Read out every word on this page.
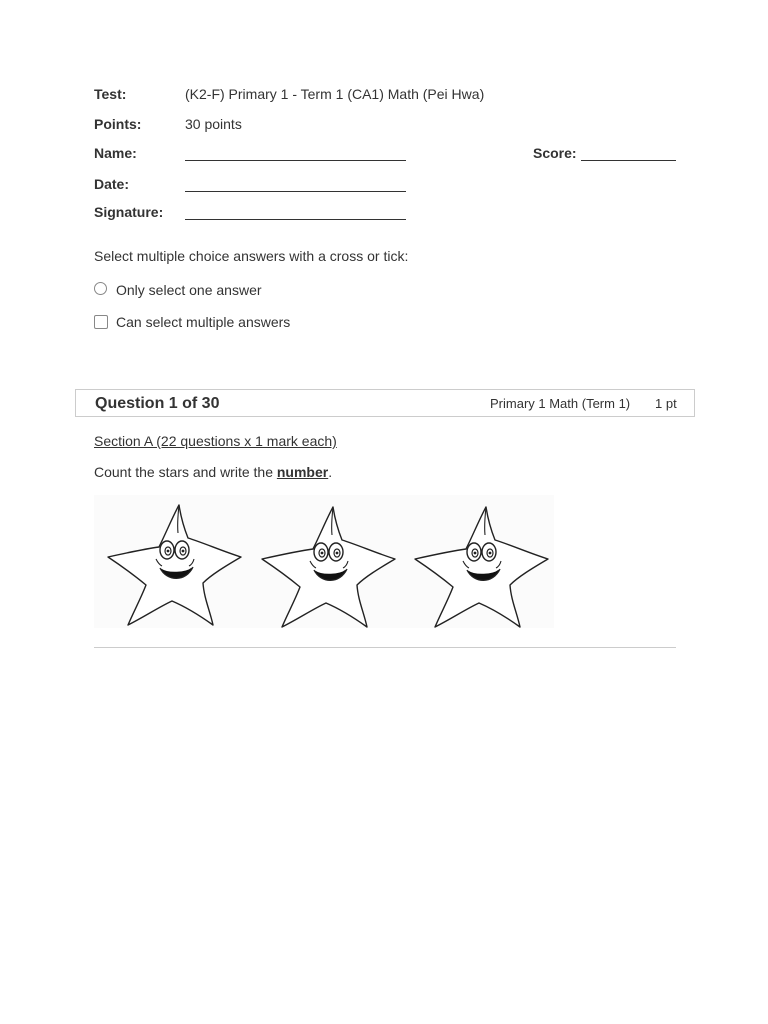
Test:	(K2-F) Primary 1 - Term 1 (CA1) Math (Pei Hwa)
Points:	30 points
Name:	Score:
Date:
Signature:
Select multiple choice answers with a cross or tick:
Only select one answer
Can select multiple answers
Question 1 of 30	Primary 1 Math (Term 1) 1 pt
Section A (22 questions x 1 mark each)
Count the stars and write the number.
